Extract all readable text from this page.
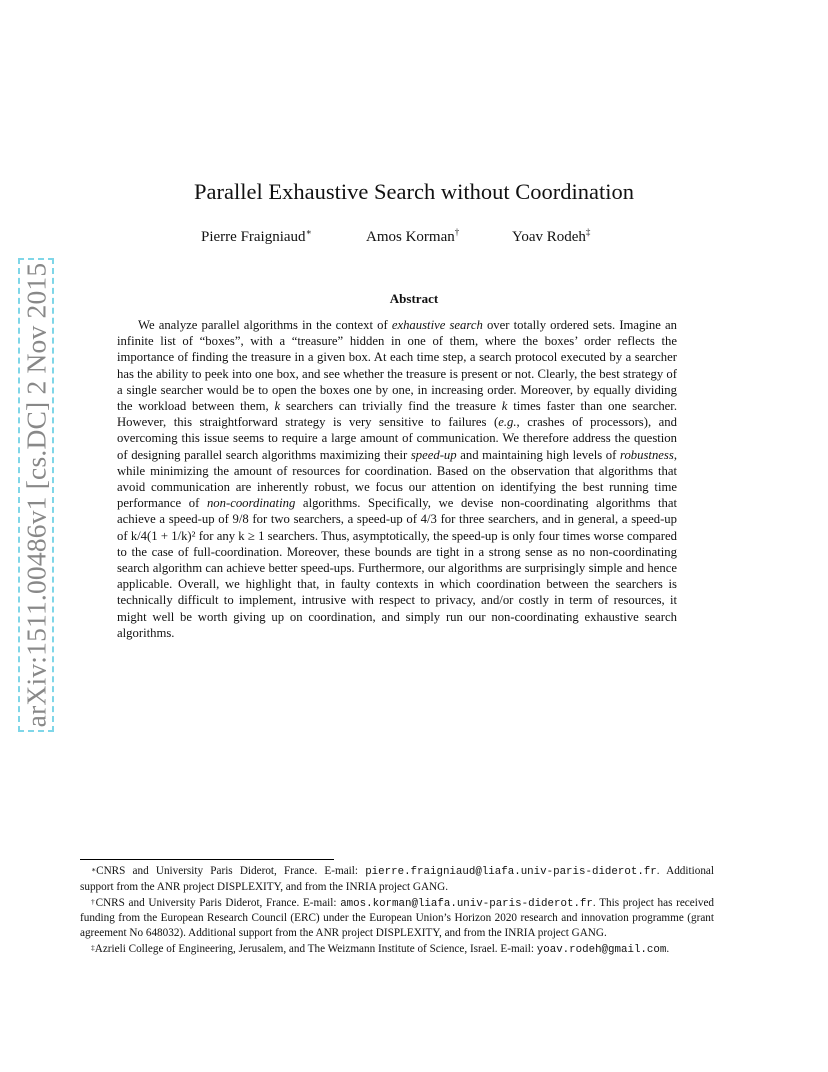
arXiv:1511.00486v1 [cs.DC] 2 Nov 2015
Parallel Exhaustive Search without Coordination
Pierre Fraigniaud∗	Amos Korman†	Yoav Rodeh‡
Abstract

We analyze parallel algorithms in the context of exhaustive search over totally ordered sets. Imagine an infinite list of “boxes”, with a “treasure” hidden in one of them, where the boxes’ order reflects the importance of finding the treasure in a given box. At each time step, a search protocol executed by a searcher has the ability to peek into one box, and see whether the treasure is present or not. Clearly, the best strategy of a single searcher would be to open the boxes one by one, in increasing order. Moreover, by equally dividing the workload between them, k searchers can trivially find the treasure k times faster than one searcher. However, this straightforward strategy is very sensitive to failures (e.g., crashes of processors), and overcoming this issue seems to require a large amount of communication. We therefore address the question of designing parallel search algorithms maximizing their speed-up and maintaining high levels of robustness, while minimizing the amount of resources for coordination. Based on the observation that algorithms that avoid communication are inherently robust, we focus our attention on identifying the best running time performance of non-coordinating algorithms. Specifically, we devise non-coordinating algorithms that achieve a speed-up of 9/8 for two searchers, a speed-up of 4/3 for three searchers, and in general, a speed-up of k/4(1 + 1/k)² for any k ≥ 1 searchers. Thus, asymptotically, the speed-up is only four times worse compared to the case of full-coordination. Moreover, these bounds are tight in a strong sense as no non-coordinating search algorithm can achieve better speed-ups. Furthermore, our algorithms are surprisingly simple and hence applicable. Overall, we highlight that, in faulty contexts in which coordination between the searchers is technically difficult to implement, intrusive with respect to privacy, and/or costly in term of resources, it might well be worth giving up on coordination, and simply run our non-coordinating exhaustive search algorithms.

∗CNRS and University Paris Diderot, France. E-mail: pierre.fraigniaud@liafa.univ-paris-diderot.fr. Additional support from the ANR project DISPLEXITY, and from the INRIA project GANG.

†CNRS and University Paris Diderot, France. E-mail: amos.korman@liafa.univ-paris-diderot.fr. This project has received funding from the European Research Council (ERC) under the European Union’s Horizon 2020 research and innovation programme (grant agreement No 648032). Additional support from the ANR project DISPLEXITY, and from the INRIA project GANG.

‡Azrieli College of Engineering, Jerusalem, and The Weizmann Institute of Science, Israel. E-mail: yoav.rodeh@gmail.com.
